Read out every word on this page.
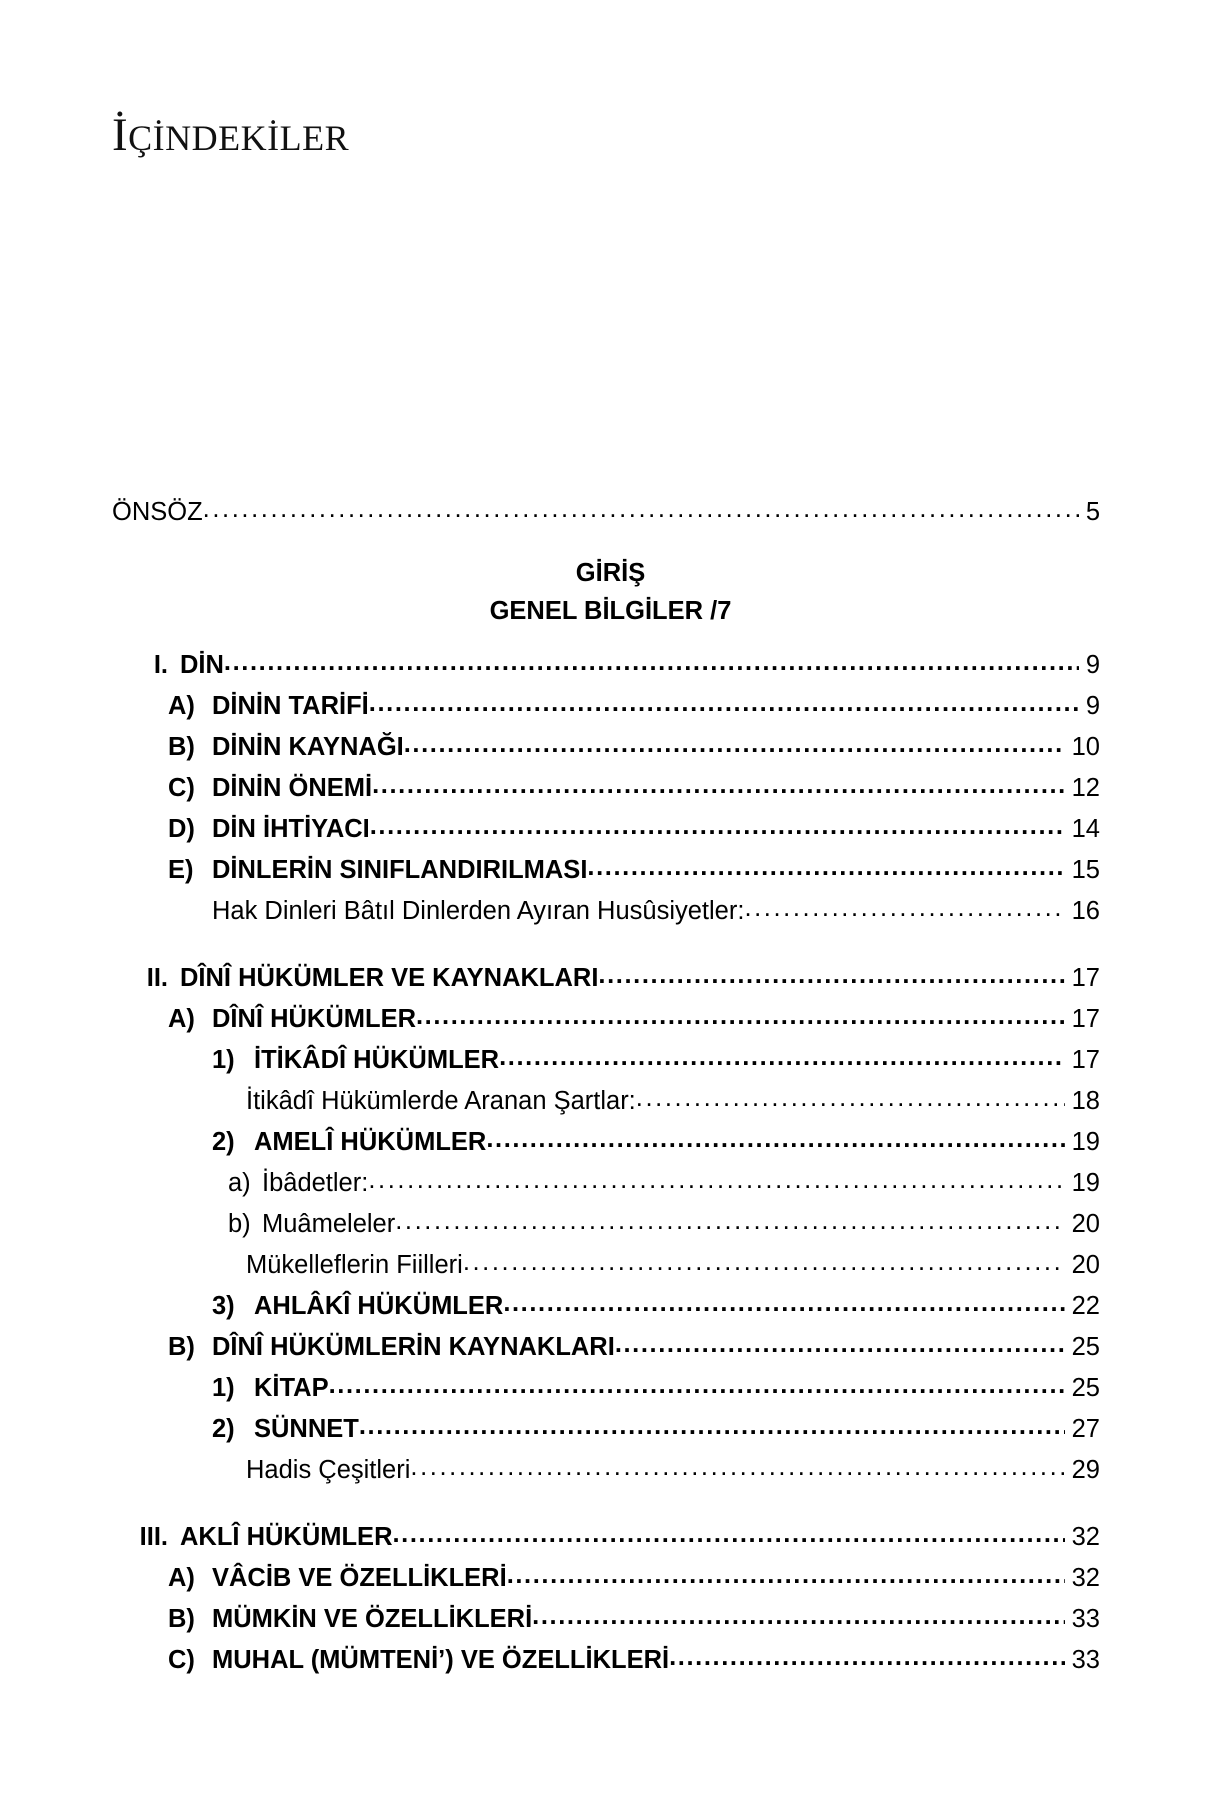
İÇİNDEKİLER
ÖNSÖZ .....	5
GİRİŞ
GENEL BİLGİLER /7
I. DİN .....	9
A) DİNİN TARİFİ .....	9
B) DİNİN KAYNAĞI .....	10
C) DİNİN ÖNEMİ .....	12
D) DİN İHTİYACI .....	14
E) DİNLERİN SINIFLANDIRILMASI .....	15
Hak Dinleri Bâtıl Dinlerden Ayıran Husûsiyetler: .....	16
II. DÎNÎ HÜKÜMLER VE KAYNAKLARI .....	17
A) DÎNÎ HÜKÜMLER .....	17
1) İTİKÂDÎ HÜKÜMLER .....	17
İtikâdî Hükümlerde Aranan Şartlar: .....	18
2) AMELÎ HÜKÜMLER .....	19
a) İbâdetler: .....	19
b) Muâmeleler .....	20
Mükelleflerin Fiilleri .....	20
3) AHLÂKÎ HÜKÜMLER .....	22
B) DÎNÎ HÜKÜMLERİN KAYNAKLARI .....	25
1) KİTAP .....	25
2) SÜNNET .....	27
Hadis Çeşitleri .....	29
III. AKLÎ HÜKÜMLER .....	32
A) VÂCİB VE ÖZELLİKLERİ .....	32
B) MÜMKİN VE ÖZELLİKLERİ .....	33
C) MUHAL (MÜMTENİ’) VE ÖZELLİKLERİ .....	33
